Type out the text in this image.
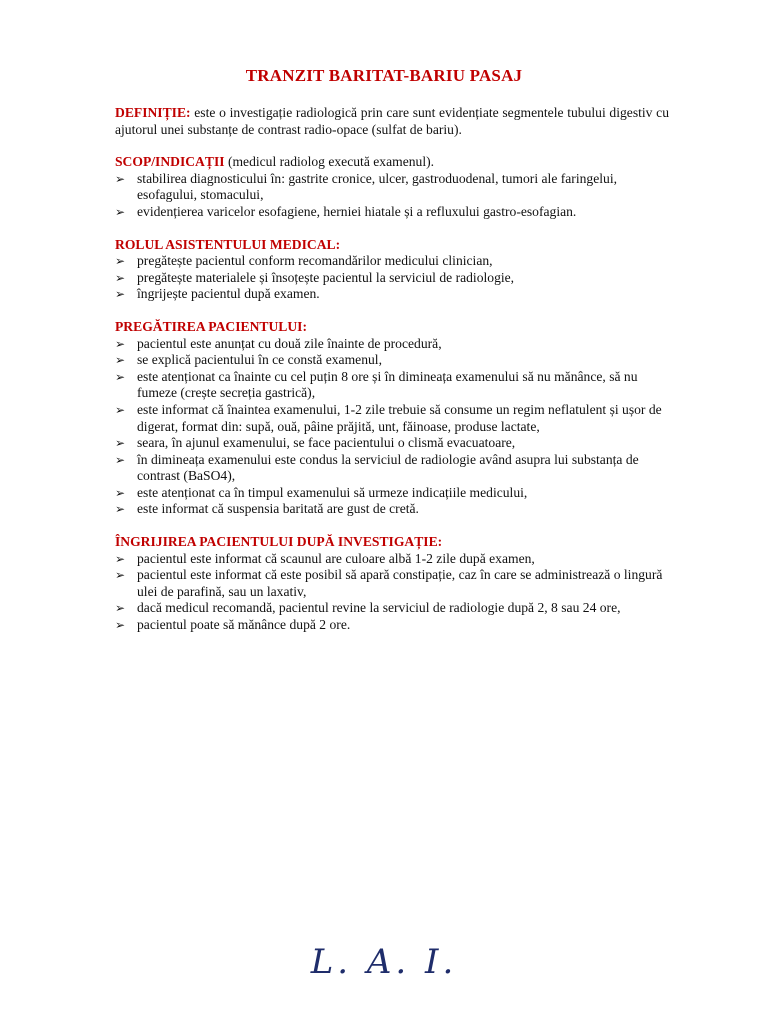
TRANZIT BARITAT-BARIU PASAJ

DEFINIȚIE: este o investigație radiologică prin care sunt evidențiate segmentele tubului digestiv cu ajutorul unei substanțe de contrast radio-opace (sulfat de bariu).

SCOP/INDICAȚII (medicul radiolog execută examenul).

➢ stabilirea diagnosticului în: gastrite cronice, ulcer, gastroduodenal, tumori ale faringelui, esofagului, stomacului,
➢ evidențierea varicelor esofagiene, herniei hiatale și a refluxului gastro-esofagian.

ROLUL ASISTENTULUI MEDICAL:

➢ pregătește pacientul conform recomandărilor medicului clinician,
➢ pregătește materialele și însoțește pacientul la serviciul de radiologie,
➢ îngrijește pacientul după examen.

PREGĂTIREA PACIENTULUI:

➢ pacientul este anunțat cu două zile înainte de procedură,
➢ se explică pacientului în ce constă examenul,
➢ este atenționat ca înainte cu cel puțin 8 ore și în dimineața examenului să nu mănânce, să nu fumeze (crește secreția gastrică),
➢ este informat că înaintea examenului, 1-2 zile trebuie să consume un regim neflatulent și ușor de digerat, format din: supă, ouă, pâine prăjită, unt, făinoase, produse lactate,
➢ seara, în ajunul examenului, se face pacientului o clismă evacuatoare,
➢ în dimineața examenului este condus la serviciul de radiologie având asupra lui substanța de contrast (BaSO4),
➢ este atenționat ca în timpul examenului să urmeze indicațiile medicului,
➢ este informat că suspensia baritată are gust de cretă.

ÎNGRIJIREA PACIENTULUI DUPĂ INVESTIGAȚIE:

➢ pacientul este informat că scaunul are culoare albă 1-2 zile după examen,
➢ pacientul este informat că este posibil să apară constipație, caz în care se administrează o lingură ulei de parafină, sau un laxativ,
➢ dacă medicul recomandă, pacientul revine la serviciul de radiologie după 2, 8 sau 24 ore,
➢ pacientul poate să mănânce după 2 ore.
L. A. I.
